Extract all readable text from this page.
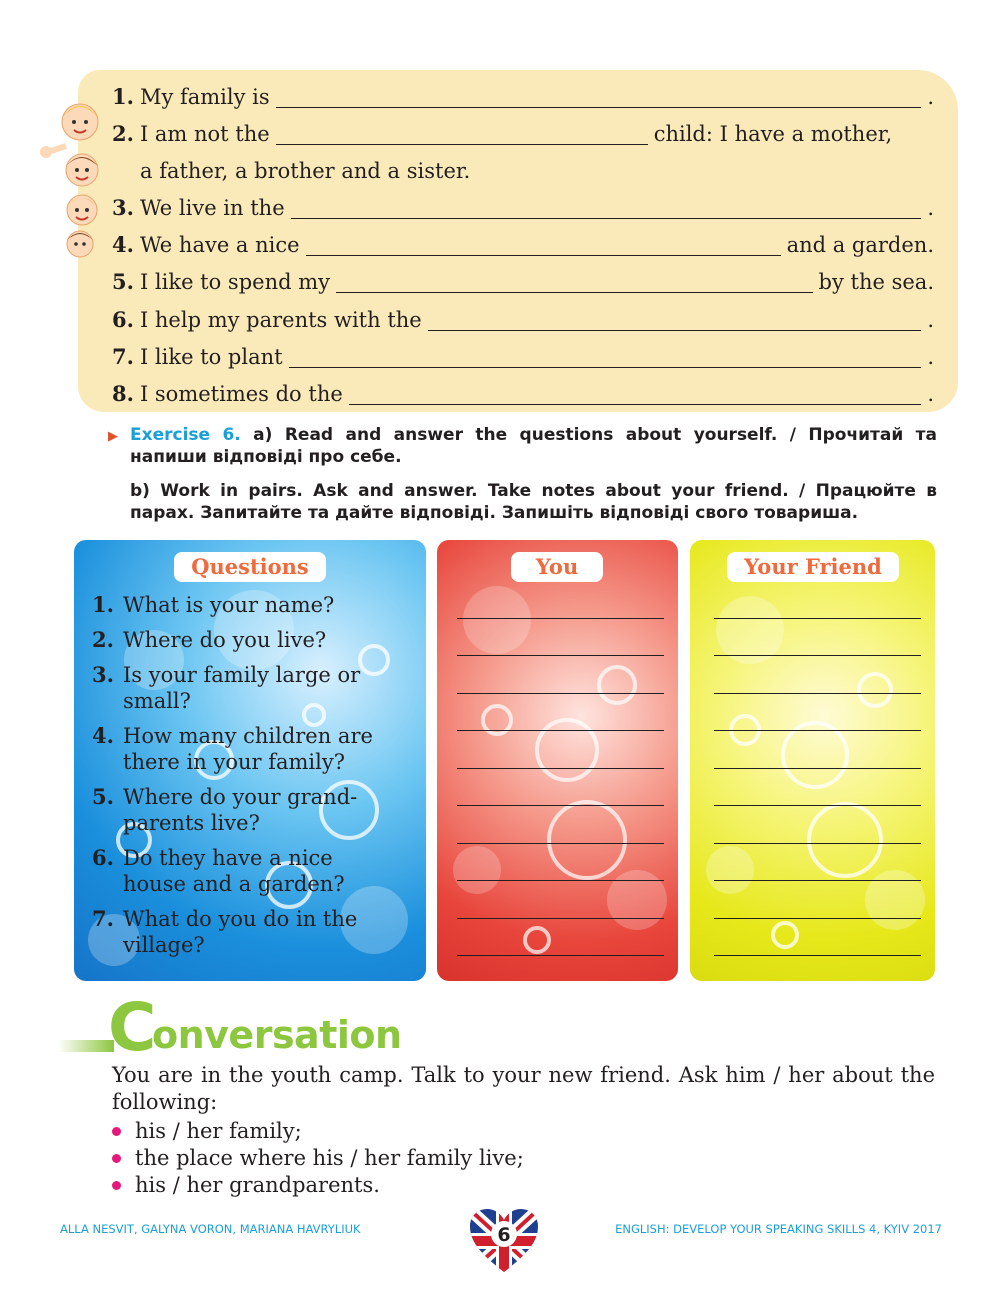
1. My family is	.
2. I am not the	child: I have a mother,
a father, a brother and a sister.
3. We live in the	.
4. We have a nice	and a garden.
5. I like to spend my	by the sea.
6. I help my parents with the	.
7. I like to plant	.
8. I sometimes do the	.
▶ Exercise 6. a) Read and answer the questions about yourself. / Прочитай та напиши відповіді про себе.
b) Work in pairs. Ask and answer. Take notes about your friend. / Працюйте в парах. Запитайте та дайте відповіді. Запишіть відповіді свого товариша.
Questions
1. What is your name?
2. Where do you live?
3. Is your family large or small?
4. How many children are there in your family?
5. Where do your grand-parents live?
6. Do they have a nice house and a garden?
7. What do you do in the village?
You	Your Friend
C
onversation
You are in the youth camp. Talk to your new friend. Ask him / her about the following:
his / her family;
the place where his / her family live;
his / her grandparents.
ALLA NESVIT, GALYNA VORON, MARIANA HAVRYLIUK	ENGLISH: DEVELOP YOUR SPEAKING SKILLS 4, KYIV 2017
6
